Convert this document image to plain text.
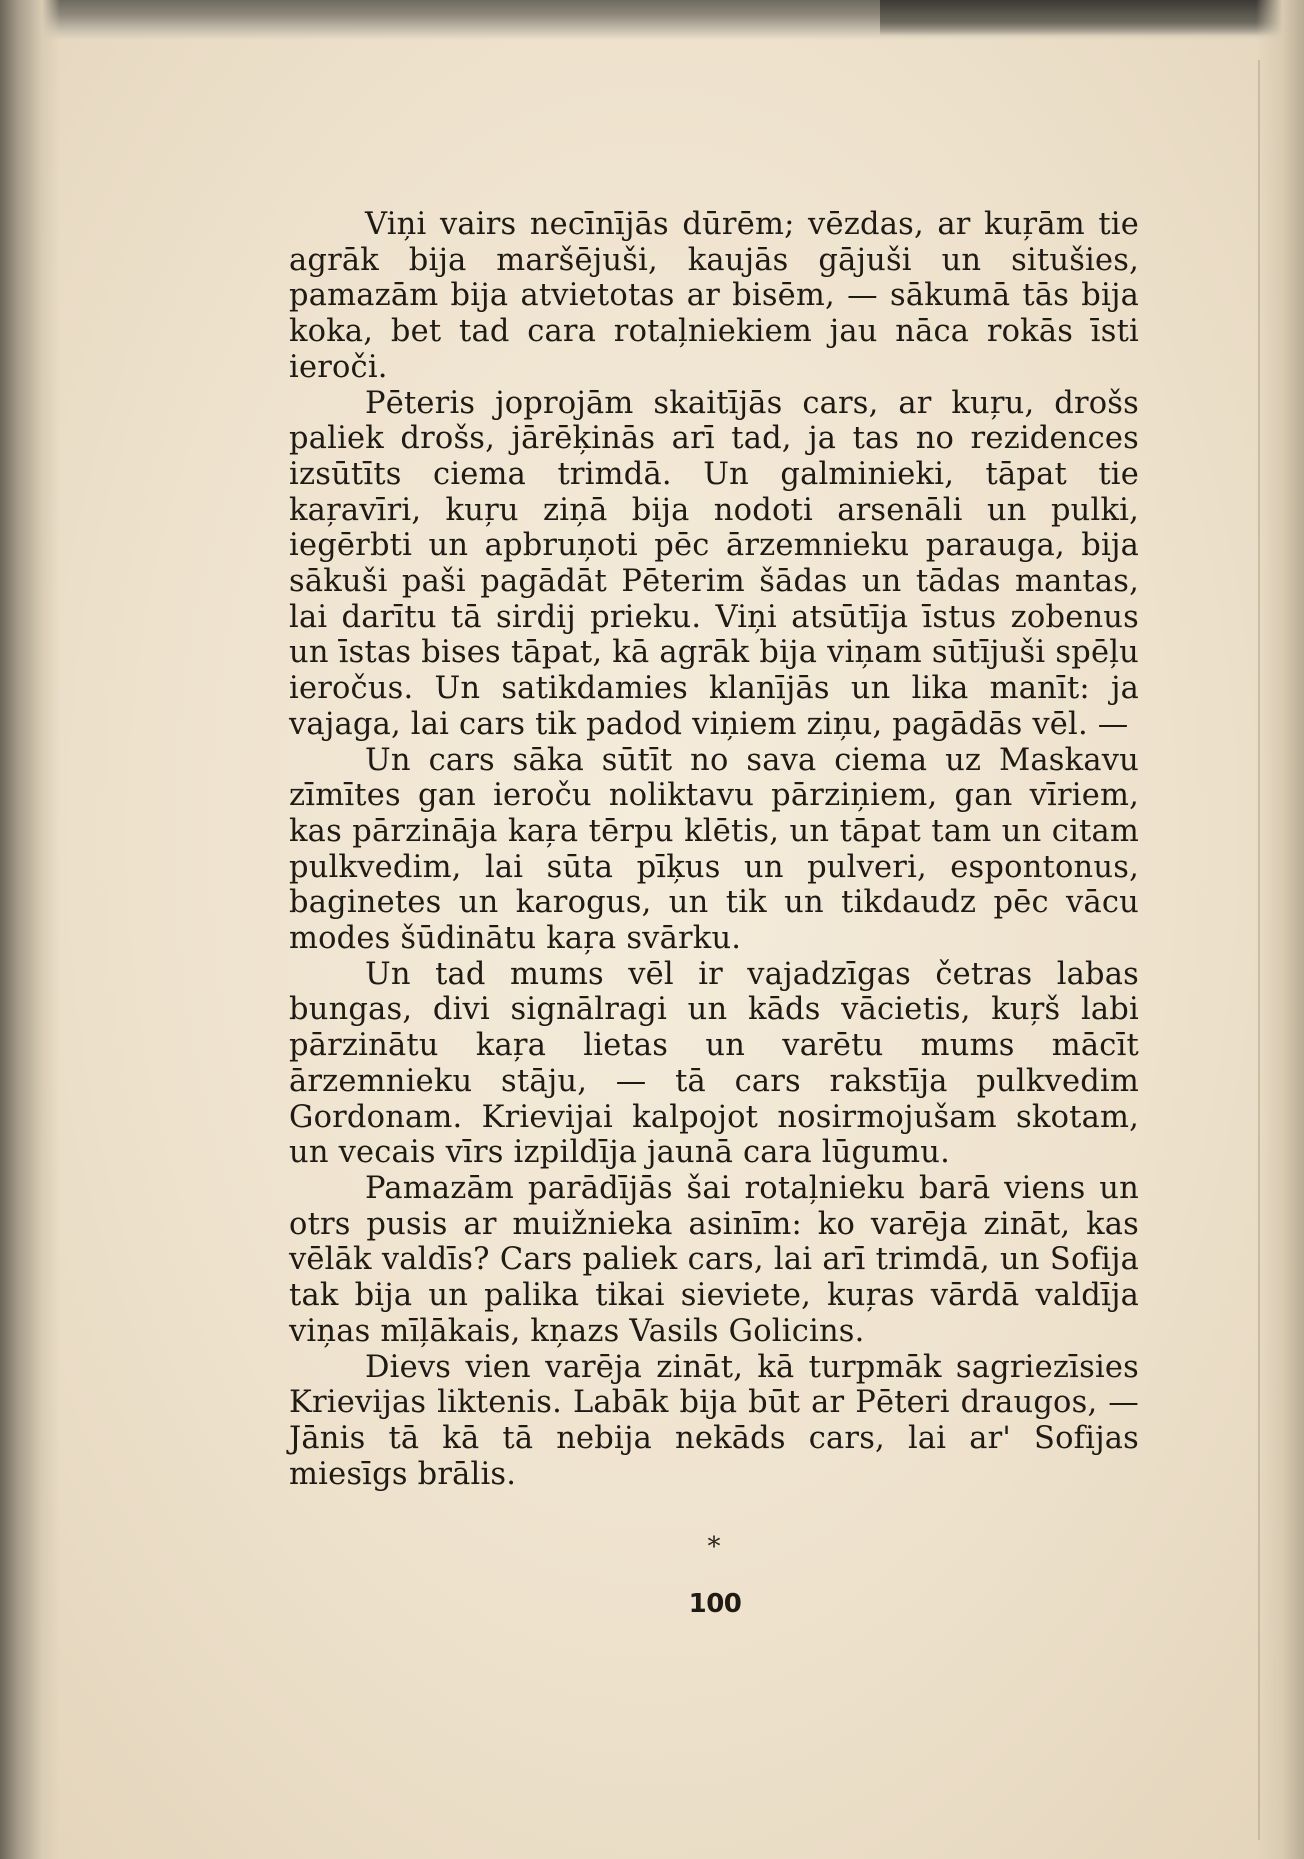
Viņi vairs necīnījās dūrēm; vēzdas, ar kuŗām tie agrāk bija maršējuši, kaujās gājuši un situšies, pamazām bija atvietotas ar bisēm, — sākumā tās bija koka, bet tad cara rotaļniekiem jau nāca rokās īsti ieroči.

Pēteris joprojām skaitījās cars, ar kuŗu, drošs paliek drošs, jārēķinās arī tad, ja tas no rezidences izsūtīts ciema trimdā. Un galminieki, tāpat tie kaŗavīri, kuŗu ziņā bija nodoti arsenāli un pulki, iegērbti un apbruņoti pēc ārzemnieku parauga, bija sākuši paši pagādāt Pēterim šādas un tādas mantas, lai darītu tā sirdij prieku. Viņi atsūtīja īstus zobenus un īstas bises tāpat, kā agrāk bija viņam sūtījuši spēļu ieročus. Un satikdamies klanījās un lika manīt: ja vajaga, lai cars tik padod viņiem ziņu, pagādās vēl. —

Un cars sāka sūtīt no sava ciema uz Maskavu zīmītes gan ieroču noliktavu pārziņiem, gan vīriem, kas pārzināja kaŗa tērpu klētis, un tāpat tam un citam pulkvedim, lai sūta pīķus un pulveri, espontonus, baginetes un karogus, un tik un tikdaudz pēc vācu modes šūdinātu kaŗa svārku.

Un tad mums vēl ir vajadzīgas četras labas bungas, divi signālragi un kāds vācietis, kuŗš labi pārzinātu kaŗa lietas un varētu mums mācīt ārzemnieku stāju, — tā cars rakstīja pulkvedim Gordonam. Krievijai kalpojot nosirmojušam skotam, un vecais vīrs izpildīja jaunā cara lūgumu.

Pamazām parādījās šai rotaļnieku barā viens un otrs pusis ar muižnieka asinīm: ko varēja zināt, kas vēlāk valdīs? Cars paliek cars, lai arī trimdā, un Sofija tak bija un palika tikai sieviete, kuŗas vārdā valdīja viņas mīļākais, kņazs Vasils Golicins.

Dievs vien varēja zināt, kā turpmāk sagriezīsies Krievijas liktenis. Labāk bija būt ar Pēteri draugos, — Jānis tā kā tā nebija nekāds cars, lai ar' Sofijas miesīgs brālis.

*
100
